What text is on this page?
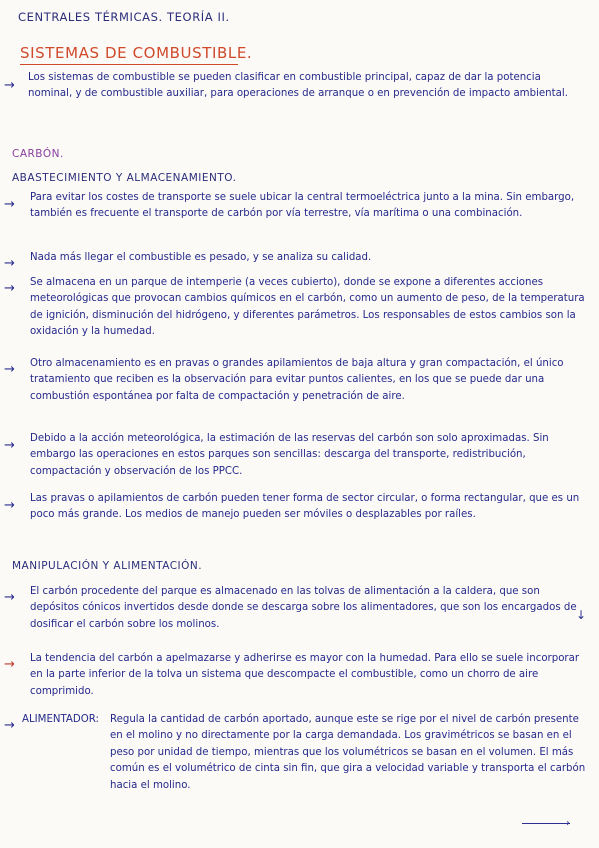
CENTRALES TÉRMICAS. TEORÍA II.
SISTEMAS DE COMBUSTIBLE.
→
Los sistemas de combustible se pueden clasificar en combustible principal, capaz de dar la potencia nominal, y de combustible auxiliar, para operaciones de arranque o en prevención de impacto ambiental.
CARBÓN.
ABASTECIMIENTO Y ALMACENAMIENTO.
→ Para evitar los costes de transporte se suele ubicar la central termoeléctrica junto a la mina. Sin embargo, también es frecuente el transporte de carbón por vía terrestre, vía marítima o una combinación.
→ Nada más llegar el combustible es pesado, y se analiza su calidad.
→ Se almacena en un parque de intemperie (a veces cubierto), donde se expone a diferentes acciones meteorológicas que provocan cambios químicos en el carbón, como un aumento de peso, de la temperatura de ignición, disminución del hidrógeno, y diferentes parámetros. Los responsables de estos cambios son la oxidación y la humedad.
→ Otro almacenamiento es en pravas o grandes apilamientos de baja altura y gran compactación, el único tratamiento que reciben es la observación para evitar puntos calientes, en los que se puede dar una combustión espontánea por falta de compactación y penetración de aire.
→ Debido a la acción meteorológica, la estimación de las reservas del carbón son solo aproximadas. Sin embargo las operaciones en estos parques son sencillas: descarga del transporte, redistribución, compactación y observación de los PPCC.
→ Las pravas o apilamientos de carbón pueden tener forma de sector circular, o forma rectangular, que es un poco más grande. Los medios de manejo pueden ser móviles o desplazables por raíles.
MANIPULACIÓN Y ALIMENTACIÓN.
→ El carbón procedente del parque es almacenado en las tolvas de alimentación a la caldera, que son depósitos cónicos invertidos desde donde se descarga sobre los alimentadores, que son los encargados de dosificar el carbón sobre los molinos.
↓
→ La tendencia del carbón a apelmazarse y adherirse es mayor con la humedad. Para ello se suele incorporar en la parte inferior de la tolva un sistema que descompacte el combustible, como un chorro de aire comprimido.
→ ALIMENTADOR:	Regula la cantidad de carbón aportado, aunque este se rige por el nivel de carbón presente en el molino y no directamente por la carga demandada. Los gravimétricos se basan en el peso por unidad de tiempo, mientras que los volumétricos se basan en el volumen. El más común es el volumétrico de cinta sin fin, que gira a velocidad variable y transporta el carbón hacia el molino.
›
